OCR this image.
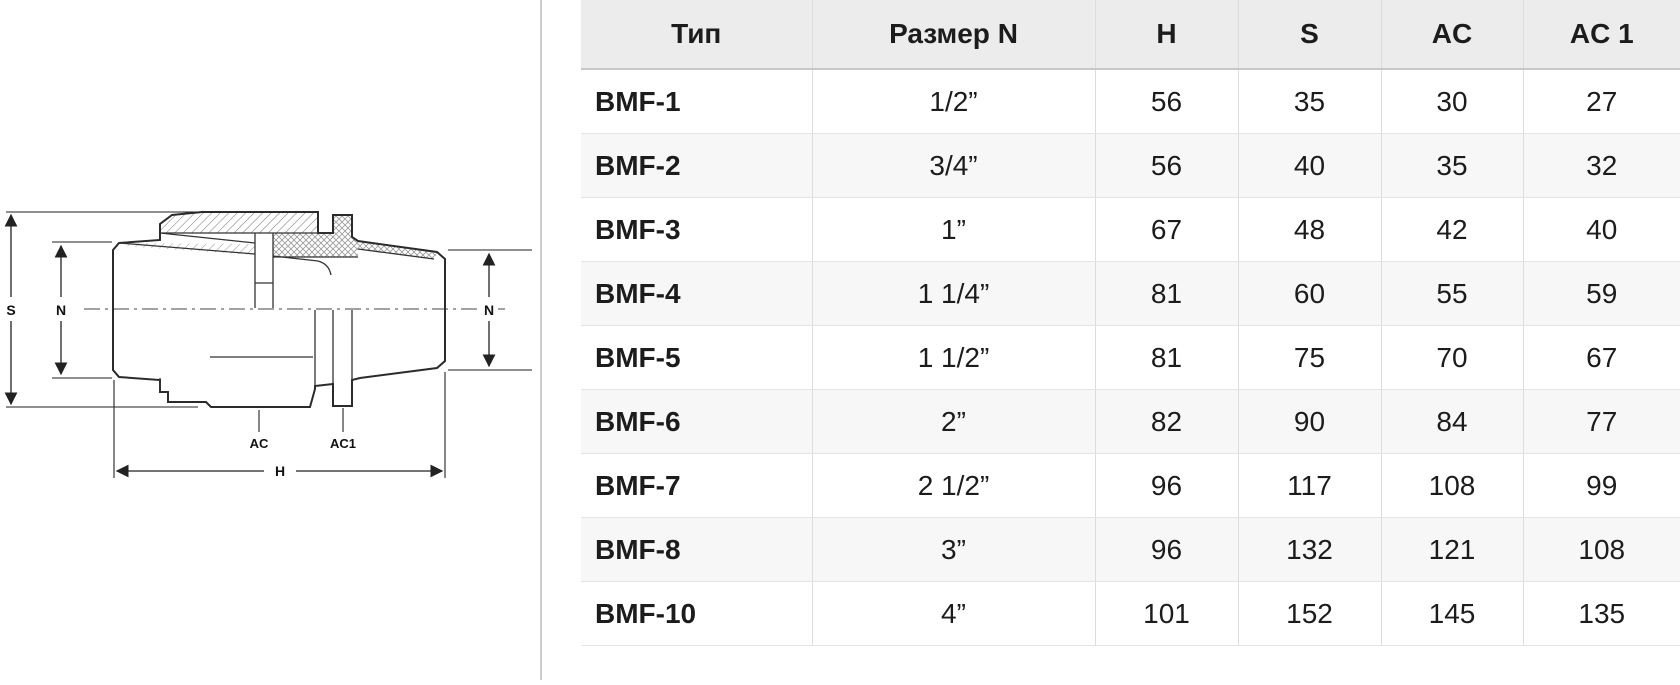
S	N	N
H
AC	AC1
Тип	Размер N	H	S	AC	AC 1
BMF-1	1/2”	56	35	30	27
BMF-2	3/4”	56	40	35	32
BMF-3	1”	67	48	42	40
BMF-4	1 1/4”	81	60	55	59
BMF-5	1 1/2”	81	75	70	67
BMF-6	2”	82	90	84	77
BMF-7	2 1/2”	96	117	108	99
BMF-8	3”	96	132	121	108
BMF-10	4”	101	152	145	135
